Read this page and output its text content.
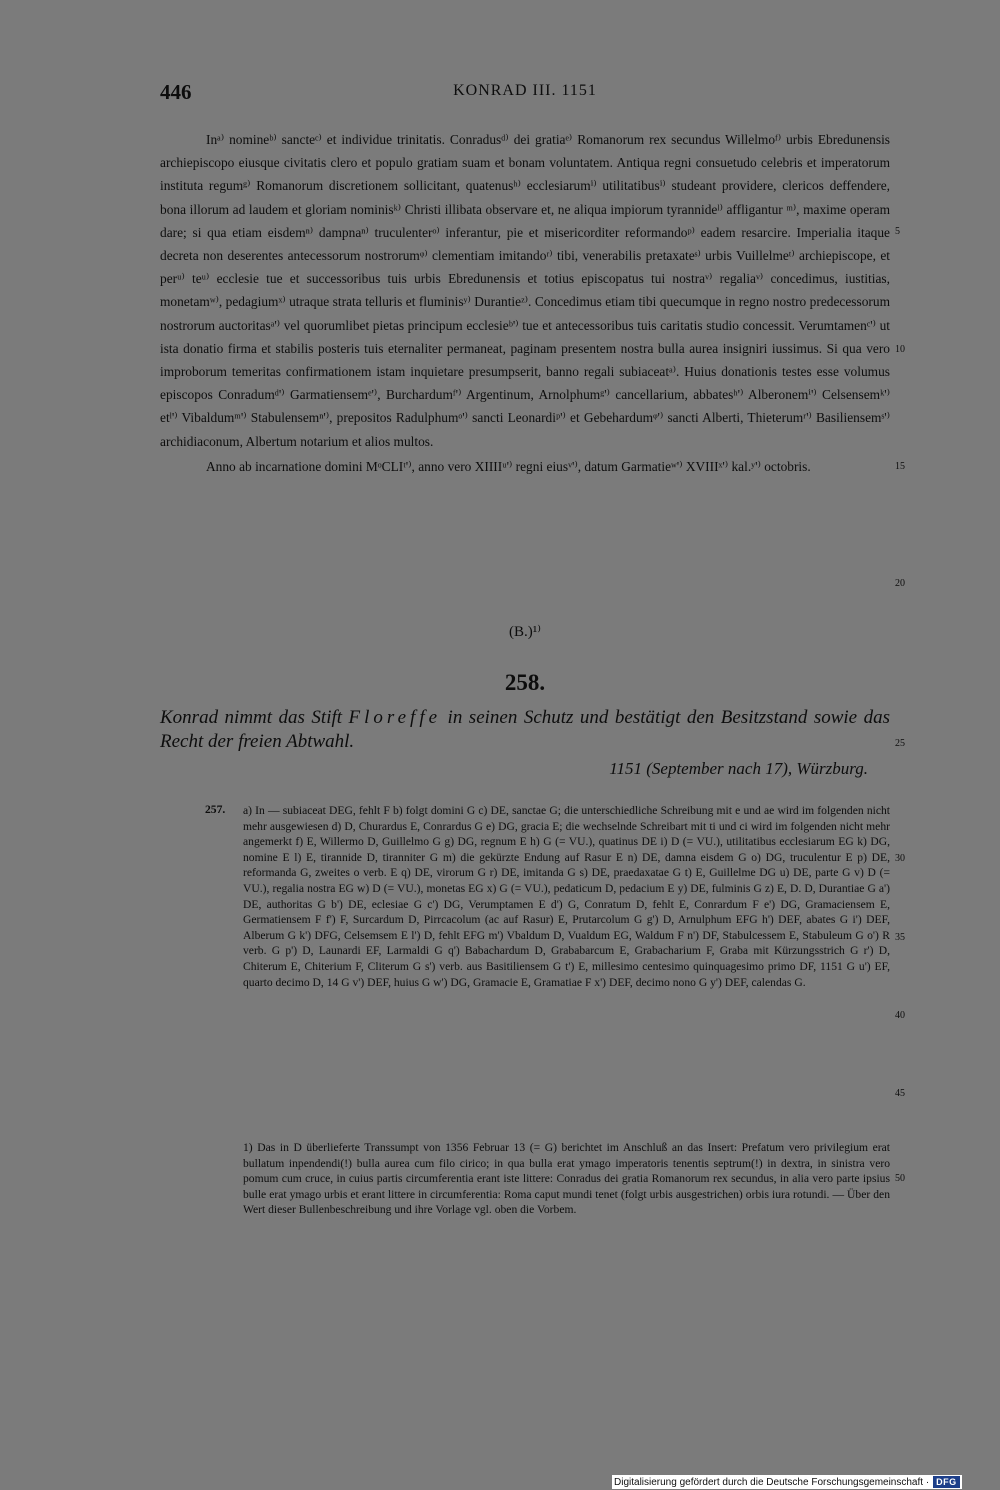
446	KONRAD III. 1151

Inᵃ⁾ nomineᵇ⁾ sancteᶜ⁾ et individue trinitatis. Conradusᵈ⁾ dei gratiaᵉ⁾ Romanorum rex secundus Willelmoᶠ⁾ urbis Ebredunensis archiepiscopo eiusque civitatis clero et populo gratiam suam et bonam voluntatem. Antiqua regni consuetudo celebris et imperatorum instituta regumᵍ⁾ Romanorum discretionem sollicitant, quatenusʰ⁾ ecclesiarumⁱ⁾ utilitatibusⁱ⁾ studeant providere, clericos deffendere, bona illorum ad laudem et gloriam nominisᵏ⁾ Christi illibata observare et, ne aliqua impiorum tyrannideˡ⁾ affligantur ᵐ⁾, maxime operam dare; si qua etiam eisdemⁿ⁾ dampnaⁿ⁾ truculenterᵒ⁾ inferantur, pie et misericorditer reformandoᵖ⁾ eadem resarcire. Imperialia itaque decreta non deserentes antecessorum nostrorumᵠ⁾ clementiam imitandoʳ⁾ tibi, venerabilis pretaxateˢ⁾ urbis Vuillelmeᵗ⁾ archiepiscope, et perᵘ⁾ teᵘ⁾ ecclesie tue et successoribus tuis urbis Ebredunensis et totius episcopatus tui nostraᵛ⁾ regaliaᵛ⁾ concedimus, iustitias, monetamʷ⁾, pedagiumˣ⁾ utraque strata telluris et fluminisʸ⁾ Durantieᶻ⁾. Concedimus etiam tibi quecumque in regno nostro predecessorum nostrorum auctoritasᵃ'⁾ vel quorumlibet pietas principum ecclesieᵇ'⁾ tue et antecessoribus tuis caritatis studio concessit. Verumtamenᶜ'⁾ ut ista donatio firma et stabilis posteris tuis eternaliter permaneat, paginam presentem nostra bulla aurea insigniri iussimus. Si qua vero improborum temeritas confirmationem istam inquietare presumpserit, banno regali subiaceatᵃ⁾. Huius donationis testes esse volumus episcopos Conradumᵈ'⁾ Garmatiensemᵉ'⁾, Burchardumᶠ'⁾ Argentinum, Arnolphumᵍ'⁾ cancellarium, abbatesʰ'⁾ Alberonemⁱ'⁾ Celsensemᵏ'⁾ etˡ'⁾ Vibaldumᵐ'⁾ Stabulensemⁿ'⁾, prepositos Radulphumᵒ'⁾ sancti Leonardiᵖ'⁾ et Gebehardumᵠ'⁾ sancti Alberti, Thieterumʳ'⁾ Basiliensemˢ'⁾ archidiaconum, Albertum notarium et alios multos.

Anno ab incarnatione domini MᵒCLIᵗ'⁾, anno vero XIIIIᵘ'⁾ regni eiusᵛ'⁾, datum Garmatieʷ'⁾ XVIIIˣ'⁾ kal.ʸ'⁾ octobris.

5
10
15
20
25
30
35
40
45
50
(B.)¹⁾
258.

Konrad nimmt das Stift Floreffe in seinen Schutz und bestätigt den Besitzstand sowie das Recht der freien Abtwahl.

1151 (September nach 17), Würzburg.
257. a) In — subiaceat DEG, fehlt F b) folgt domini G c) DE, sanctae G; die unterschiedliche Schreibung mit e und ae wird im folgenden nicht mehr ausgewiesen d) D, Churardus E, Conrardus G e) DG, gracia E; die wechselnde Schreibart mit ti und ci wird im folgenden nicht mehr angemerkt f) E, Willermo D, Guillelmo G g) DG, regnum E h) G (= VU.), quatinus DE i) D (= VU.), utilitatibus ecclesiarum EG k) DG, nomine E l) E, tirannide D, tiranniter G m) die gekürzte Endung auf Rasur E n) DE, damna eisdem G o) DG, truculentur E p) DE, reformanda G, zweites o verb. E q) DE, virorum G r) DE, imitanda G s) DE, praedaxatae G t) E, Guillelme DG u) DE, parte G v) D (= VU.), regalia nostra EG w) D (= VU.), monetas EG x) G (= VU.), pedaticum D, pedacium E y) DE, fulminis G z) E, D. D, Durantiae G a') DE, authoritas G b') DE, eclesiae G c') DG, Verumptamen E d') G, Conratum D, fehlt E, Conrardum F e') DG, Gramaciensem E, Germatiensem F f') F, Surcardum D, Pirrcacolum (ac auf Rasur) E, Prutarcolum G g') D, Arnulphum EFG h') DEF, abates G i') DEF, Alberum G k') DFG, Celsemsem E l') D, fehlt EFG m') Vbaldum D, Vualdum EG, Waldum F n') DF, Stabulcessem E, Stabuleum G o') R verb. G p') D, Launardi EF, Larmaldi G q') Babachardum D, Grababarcum E, Grabacharium F, Graba mit Kürzungsstrich G r') D, Chiterum E, Chiterium F, Cliterum G s') verb. aus Basitiliensem G t') E, millesimo centesimo quinquagesimo primo DF, 1151 G u') EF, quarto decimo D, 14 G v') DEF, huius G w') DG, Gramacie E, Gramatiae F x') DEF, decimo nono G y') DEF, calendas G.

1) Das in D überlieferte Transsumpt von 1356 Februar 13 (= G) berichtet im Anschluß an das Insert: Prefatum vero privilegium erat bullatum inpendendi(!) bulla aurea cum filo cirico; in qua bulla erat ymago imperatoris tenentis septrum(!) in dextra, in sinistra vero pomum cum cruce, in cuius partis circumferentia erant iste littere: Conradus dei gratia Romanorum rex secundus, in alia vero parte ipsius bulle erat ymago urbis et erant littere in circumferentia: Roma caput mundi tenet (folgt urbis ausgestrichen) orbis iura rotundi. — Über den Wert dieser Bullenbeschreibung und ihre Vorlage vgl. oben die Vorbem.

Digitalisierung gefördert durch die Deutsche Forschungsgemeinschaft · DFG
